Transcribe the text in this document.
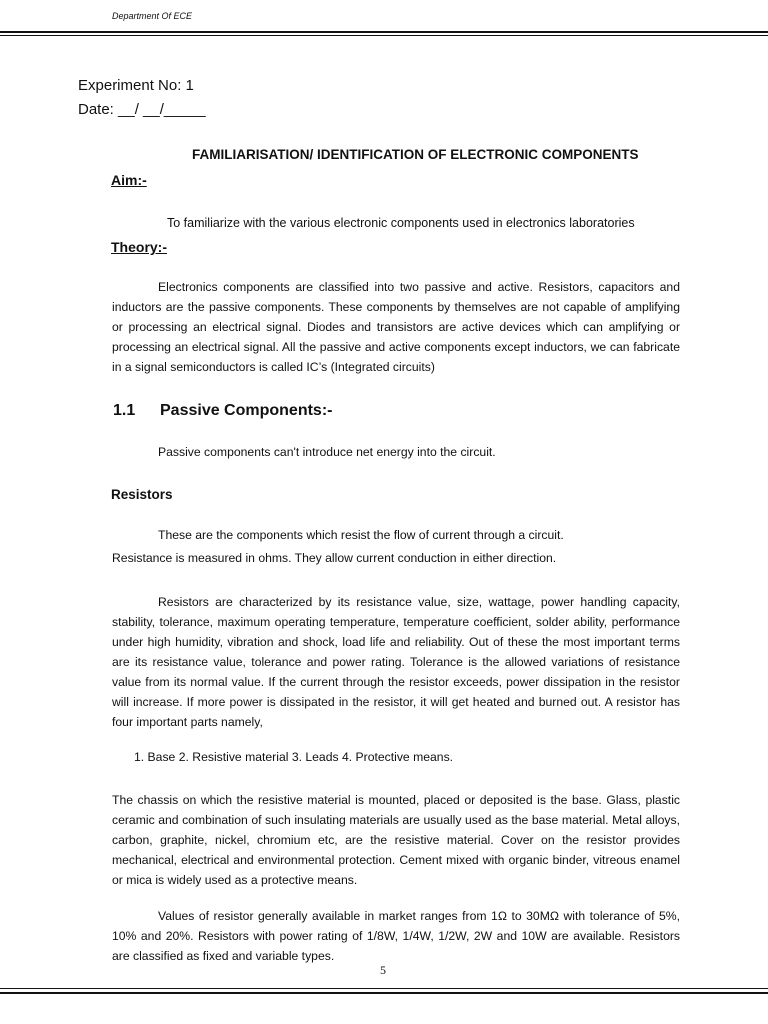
Department Of ECE
Experiment No: 1
Date: __/ __/_____
FAMILIARISATION/ IDENTIFICATION OF ELECTRONIC COMPONENTS
Aim:-
To familiarize with the various electronic components used in electronics laboratories
Theory:-
Electronics components are classified into two passive and active. Resistors, capacitors and inductors are the passive components. These components by themselves are not capable of amplifying or processing an electrical signal. Diodes and transistors are active devices which can amplifying or processing an electrical signal. All the passive and active components except inductors, we can fabricate in a signal semiconductors is called IC’s (Integrated circuits)
1.1 Passive Components:-
Passive components can't introduce net energy into the circuit.
Resistors
These are the components which resist the flow of current through a circuit.
Resistance is measured in ohms. They allow current conduction in either direction.
Resistors are characterized by its resistance value, size, wattage, power handling capacity, stability, tolerance, maximum operating temperature, temperature coefficient, solder ability, performance under high humidity, vibration and shock, load life and reliability. Out of these the most important terms are its resistance value, tolerance and power rating. Tolerance is the allowed variations of resistance value from its normal value. If the current through the resistor exceeds, power dissipation in the resistor will increase. If more power is dissipated in the resistor, it will get heated and burned out. A resistor has four important parts namely,
1. Base 2. Resistive material 3. Leads 4. Protective means.
The chassis on which the resistive material is mounted, placed or deposited is the base. Glass, plastic ceramic and combination of such insulating materials are usually used as the base material. Metal alloys, carbon, graphite, nickel, chromium etc, are the resistive material. Cover on the resistor provides mechanical, electrical and environmental protection. Cement mixed with organic binder, vitreous enamel or mica is widely used as a protective means.
Values of resistor generally available in market ranges from 1Ω to 30MΩ with tolerance of 5%, 10% and 20%. Resistors with power rating of 1/8W, 1/4W, 1/2W, 2W and 10W are available. Resistors are classified as fixed and variable types.
5
